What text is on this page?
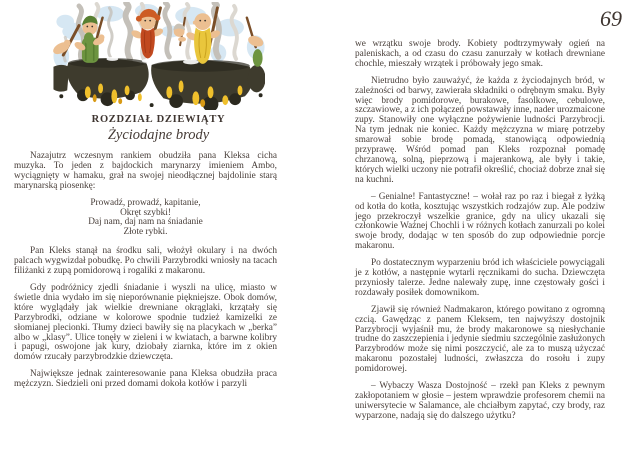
ROZDZIAŁ DZIEWIĄTY
Życiodajne brody

Nazajutrz wczesnym rankiem obudziła pana Kleksa cicha muzyka. To jeden z bajdockich marynarzy imieniem Ambo, wyciągnięty w hamaku, grał na swojej nieodłącznej bajdolinie starą marynarską piosenkę:

Prowadź, prowadź, kapitanie,
Okręt szybki!
Daj nam, daj nam na śniadanie
Złote rybki.

Pan Kleks stanął na środku sali, włożył okulary i na dwóch palcach wygwizdał pobudkę. Po chwili Parzybrodki wniosły na tacach filiżanki z zupą pomidorową i rogaliki z makaronu.

Gdy podróżnicy zjedli śniadanie i wyszli na ulicę, miasto w świetle dnia wydało im się nieporównanie piękniejsze. Obok domów, które wyglądały jak wielkie drewniane okrąglaki, krzątały się Parzybrodki, odziane w kolorowe spodnie tudzież kamizelki ze słomianej plecionki. Tłumy dzieci bawiły się na placykach w „berka” albo w „klasy”. Ulice tonęły w zieleni i w kwiatach, a barwne kolibry i papugi, oswojone jak kury, dziobały ziarnka, które im z okien domów rzucały parzybrodzkie dziewczęta.

Największe jednak zainteresowanie pana Kleksa obudziła praca mężczyzn. Siedzieli oni przed domami dokoła kotłów i parzyli

69

we wrzątku swoje brody. Kobiety podtrzymywały ogień na paleniskach, a od czasu do czasu zanurzały w kotłach drewniane chochle, mieszały wrzątek i próbowały jego smak.

Nietrudno było zauważyć, że każda z życiodajnych bród, w zależności od barwy, zawierała składniki o odrębnym smaku. Były więc brody pomidorowe, burakowe, fasolkowe, cebulowe, szczawiowe, a z ich połączeń powstawały inne, nader urozmaicone zupy. Stanowiły one wyłączne pożywienie ludności Parzybrocji. Na tym jednak nie koniec. Każdy mężczyzna w miarę potrzeby smarował sobie brodę pomadą, stanowiącą odpowiednią przyprawę. Wśród pomad pan Kleks rozpoznał pomadę chrzanową, solną, pieprzową i majerankową, ale były i takie, których wielki uczony nie potrafił określić, chociaż dobrze znał się na kuchni.

– Genialne! Fantastyczne! – wołał raz po raz i biegał z łyżką od kotła do kotła, kosztując wszystkich rodzajów zup. Ale podziw jego przekroczył wszelkie granice, gdy na ulicy ukazali się członkowie Ważnej Chochli i w różnych kotłach zanurzali po kolei swoje brody, dodając w ten sposób do zup odpowiednie porcje makaronu.

Po dostatecznym wyparzeniu bród ich właściciele powyciągali je z kotłów, a następnie wytarli ręcznikami do sucha. Dziewczęta przyniosły talerze. Jedne nalewały zupę, inne częstowały gości i rozdawały posiłek domownikom.

Zjawił się również Nadmakaron, którego powitano z ogromną czcią. Gawędząc z panem Kleksem, ten najwyższy dostojnik Parzybrocji wyjaśnił mu, że brody makaronowe są niesłychanie trudne do zaszczepienia i jedynie siedmiu szczególnie zasłużonych Parzybrodów może się nimi poszczycić, ale za to muszą użyczać makaronu pozostałej ludności, zwłaszcza do rosołu i zupy pomidorowej.

– Wybaczy Wasza Dostojność – rzekł pan Kleks z pewnym zakłopotaniem w głosie – jestem wprawdzie profesorem chemii na uniwersytecie w Salamance, ale chciałbym zapytać, czy brody, raz wyparzone, nadają się do dalszego użytku?
